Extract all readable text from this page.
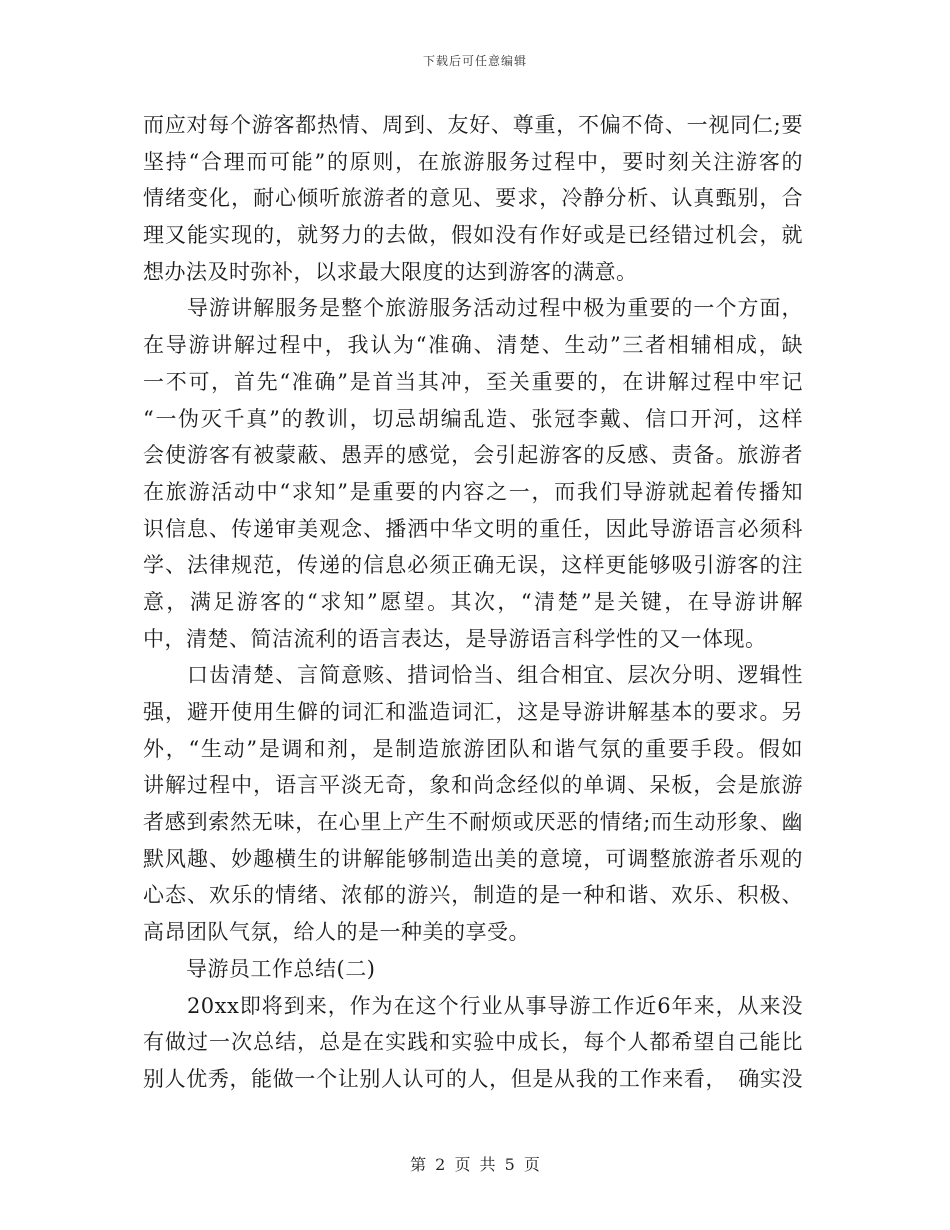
下载后可任意编辑
而应对每个游客都热情、周到、友好、尊重，不偏不倚、一视同仁;要
坚持“合理而可能”的原则，在旅游服务过程中，要时刻关注游客的
情绪变化，耐心倾听旅游者的意见、要求，冷静分析、认真甄别，合
理又能实现的，就努力的去做，假如没有作好或是已经错过机会，就
想办法及时弥补，以求最大限度的达到游客的满意。
　　导游讲解服务是整个旅游服务活动过程中极为重要的一个方面，
在导游讲解过程中，我认为“准确、清楚、生动”三者相辅相成，缺
一不可，首先“准确”是首当其冲，至关重要的，在讲解过程中牢记
“一伪灭千真”的教训，切忌胡编乱造、张冠李戴、信口开河，这样
会使游客有被蒙蔽、愚弄的感觉，会引起游客的反感、责备。旅游者
在旅游活动中“求知”是重要的内容之一，而我们导游就起着传播知
识信息、传递审美观念、播洒中华文明的重任，因此导游语言必须科
学、法律规范，传递的信息必须正确无误，这样更能够吸引游客的注
意，满足游客的“求知”愿望。其次，“清楚”是关键，在导游讲解
中，清楚、简洁流利的语言表达，是导游语言科学性的又一体现。
　　口齿清楚、言简意赅、措词恰当、组合相宜、层次分明、逻辑性
强，避开使用生僻的词汇和滥造词汇，这是导游讲解基本的要求。另
外，“生动”是调和剂，是制造旅游团队和谐气氛的重要手段。假如
讲解过程中，语言平淡无奇，象和尚念经似的单调、呆板，会是旅游
者感到索然无味，在心里上产生不耐烦或厌恶的情绪;而生动形象、幽
默风趣、妙趣横生的讲解能够制造出美的意境，可调整旅游者乐观的
心态、欢乐的情绪、浓郁的游兴，制造的是一种和谐、欢乐、积极、
高昂团队气氛，给人的是一种美的享受。
　　导游员工作总结(二)
　　20xx即将到来，作为在这个行业从事导游工作近6年来，从来没
有做过一次总结，总是在实践和实验中成长，每个人都希望自己能比
别人优秀，能做一个让别人认可的人，但是从我的工作来看，　确实没
第 2 页 共 5 页
